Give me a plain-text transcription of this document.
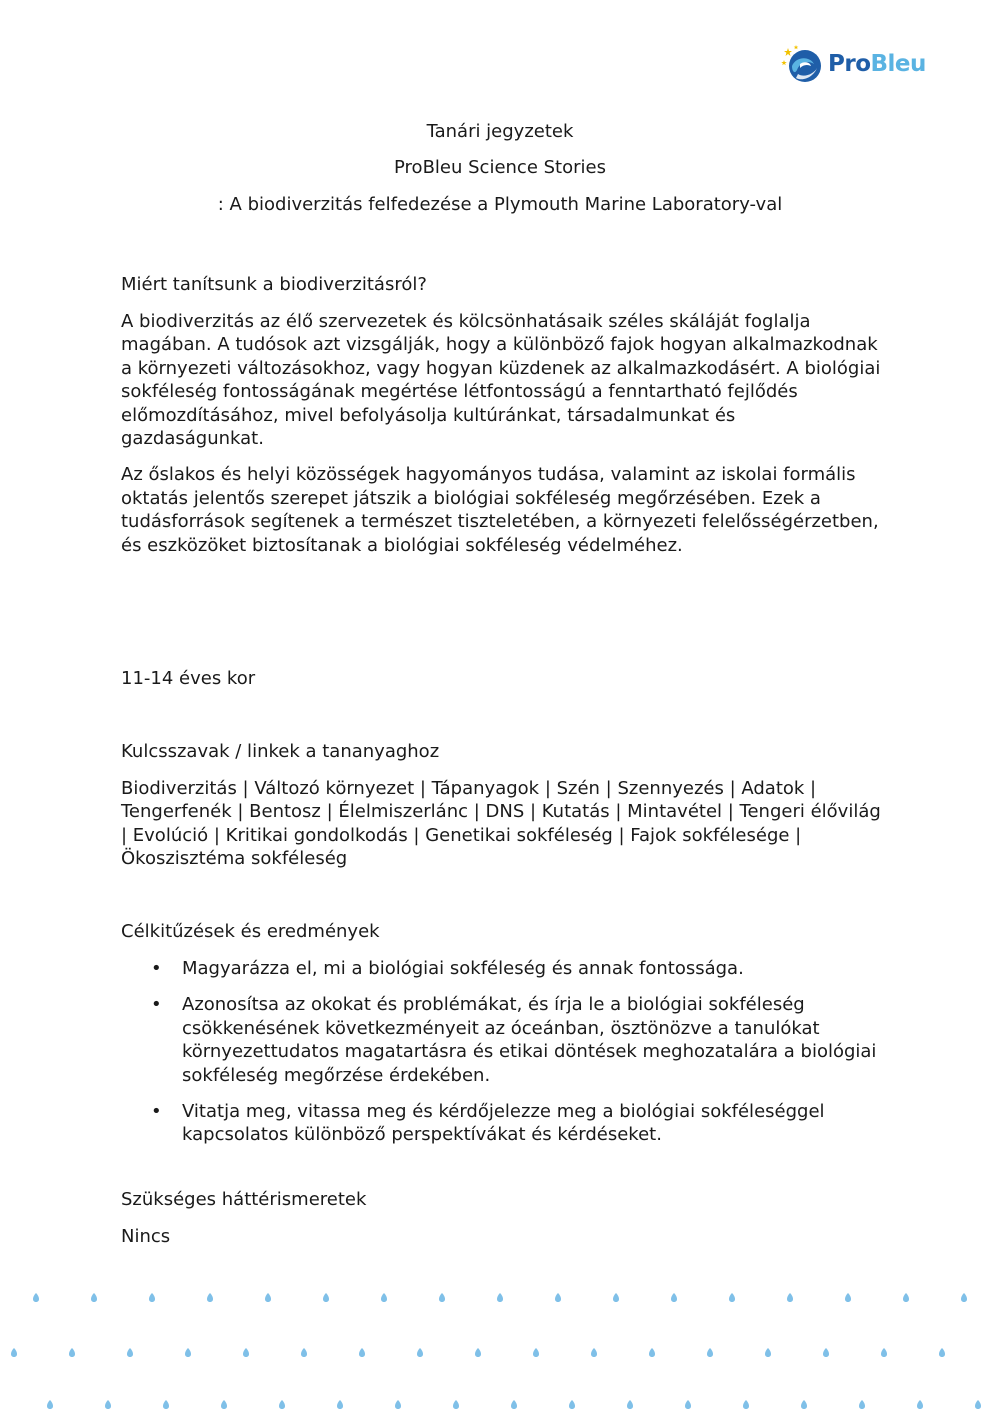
ProBleu
Tanári jegyzetek
ProBleu Science Stories
: A biodiverzitás felfedezése a Plymouth Marine Laboratory-val
Miért tanítsunk a biodiverzitásról?

A biodiverzitás az élő szervezetek és kölcsönhatásaik széles skáláját foglalja magában. A tudósok azt vizsgálják, hogy a különböző fajok hogyan alkalmazkodnak a környezeti változásokhoz, vagy hogyan küzdenek az alkalmazkodásért. A biológiai sokféleség fontosságának megértése létfontosságú a fenntartható fejlődés előmozdításához, mivel befolyásolja kultúránkat, társadalmunkat és gazdaságunkat.

Az őslakos és helyi közösségek hagyományos tudása, valamint az iskolai formális oktatás jelentős szerepet játszik a biológiai sokféleség megőrzésében. Ezek a tudásforrások segítenek a természet tiszteletében, a környezeti felelősségérzetben, és eszközöket biztosítanak a biológiai sokféleség védelméhez.

11-14 éves kor
Kulcsszavak / linkek a tananyaghoz
Biodiverzitás | Változó környezet | Tápanyagok | Szén | Szennyezés | Adatok | Tengerfenék | Bentosz | Élelmiszerlánc | DNS | Kutatás | Mintavétel | Tengeri élővilág | Evolúció | Kritikai gondolkodás | Genetikai sokféleség | Fajok sokfélesége | Ökoszisztéma sokféleség
Célkitűzések és eredmények
• Magyarázza el, mi a biológiai sokféleség és annak fontossága.
• Azonosítsa az okokat és problémákat, és írja le a biológiai sokféleség csökkenésének következményeit az óceánban, ösztönözve a tanulókat környezettudatos magatartásra és etikai döntések meghozatalára a biológiai sokféleség megőrzése érdekében.
• Vitatja meg, vitassa meg és kérdőjelezze meg a biológiai sokféleséggel kapcsolatos különböző perspektívákat és kérdéseket.
Szükséges háttérismeretek
Nincs
